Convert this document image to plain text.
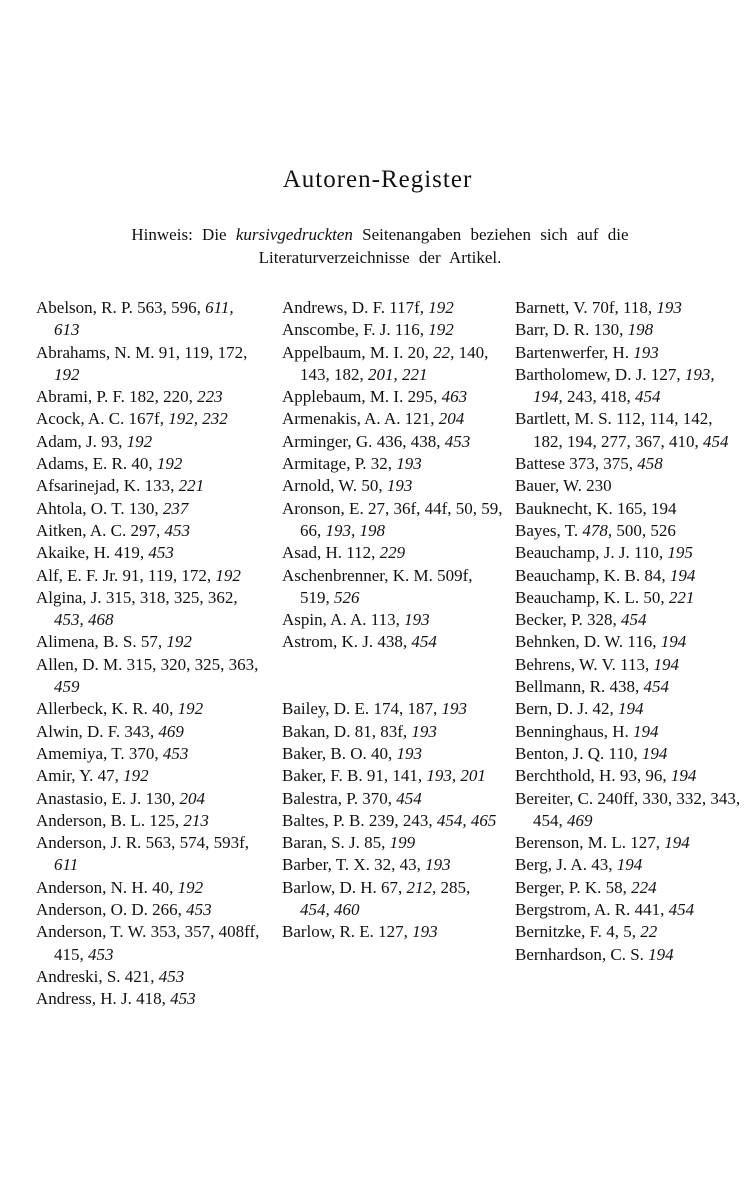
Autoren-Register
Hinweis: Die kursivgedruckten Seitenangaben beziehen sich auf die Literaturverzeichnisse der Artikel.
Abelson, R. P. 563, 596, 611, 613
Abrahams, N. M. 91, 119, 172, 192
Abrami, P. F. 182, 220, 223
Acock, A. C. 167f, 192, 232
Adam, J. 93, 192
Adams, E. R. 40, 192
Afsarinejad, K. 133, 221
Ahtola, O. T. 130, 237
Aitken, A. C. 297, 453
Akaike, H. 419, 453
Alf, E. F. Jr. 91, 119, 172, 192
Algina, J. 315, 318, 325, 362, 453, 468
Alimena, B. S. 57, 192
Allen, D. M. 315, 320, 325, 363, 459
Allerbeck, K. R. 40, 192
Alwin, D. F. 343, 469
Amemiya, T. 370, 453
Amir, Y. 47, 192
Anastasio, E. J. 130, 204
Anderson, B. L. 125, 213
Anderson, J. R. 563, 574, 593f, 611
Anderson, N. H. 40, 192
Anderson, O. D. 266, 453
Anderson, T. W. 353, 357, 408ff, 415, 453
Andreski, S. 421, 453
Andress, H. J. 418, 453
Andrews, D. F. 117f, 192
Anscombe, F. J. 116, 192
Appelbaum, M. I. 20, 22, 140, 143, 182, 201, 221
Applebaum, M. I. 295, 463
Armenakis, A. A. 121, 204
Arminger, G. 436, 438, 453
Armitage, P. 32, 193
Arnold, W. 50, 193
Aronson, E. 27, 36f, 44f, 50, 59, 66, 193, 198
Asad, H. 112, 229
Aschenbrenner, K. M. 509f, 519, 526
Aspin, A. A. 113, 193
Astrom, K. J. 438, 454
Bailey, D. E. 174, 187, 193
Bakan, D. 81, 83f, 193
Baker, B. O. 40, 193
Baker, F. B. 91, 141, 193, 201
Balestra, P. 370, 454
Baltes, P. B. 239, 243, 454, 465
Baran, S. J. 85, 199
Barber, T. X. 32, 43, 193
Barlow, D. H. 67, 212, 285, 454, 460
Barlow, R. E. 127, 193
Barnett, V. 70f, 118, 193
Barr, D. R. 130, 198
Bartenwerfer, H. 193
Bartholomew, D. J. 127, 193, 194, 243, 418, 454
Bartlett, M. S. 112, 114, 142, 182, 194, 277, 367, 410, 454
Battese 373, 375, 458
Bauer, W. 230
Bauknecht, K. 165, 194
Bayes, T. 478, 500, 526
Beauchamp, J. J. 110, 195
Beauchamp, K. B. 84, 194
Beauchamp, K. L. 50, 221
Becker, P. 328, 454
Behnken, D. W. 116, 194
Behrens, W. V. 113, 194
Bellmann, R. 438, 454
Bern, D. J. 42, 194
Benninghaus, H. 194
Benton, J. Q. 110, 194
Berchthold, H. 93, 96, 194
Bereiter, C. 240ff, 330, 332, 343, 454, 469
Berenson, M. L. 127, 194
Berg, J. A. 43, 194
Berger, P. K. 58, 224
Bergstrom, A. R. 441, 454
Bernitzke, F. 4, 5, 22
Bernhardson, C. S. 194
